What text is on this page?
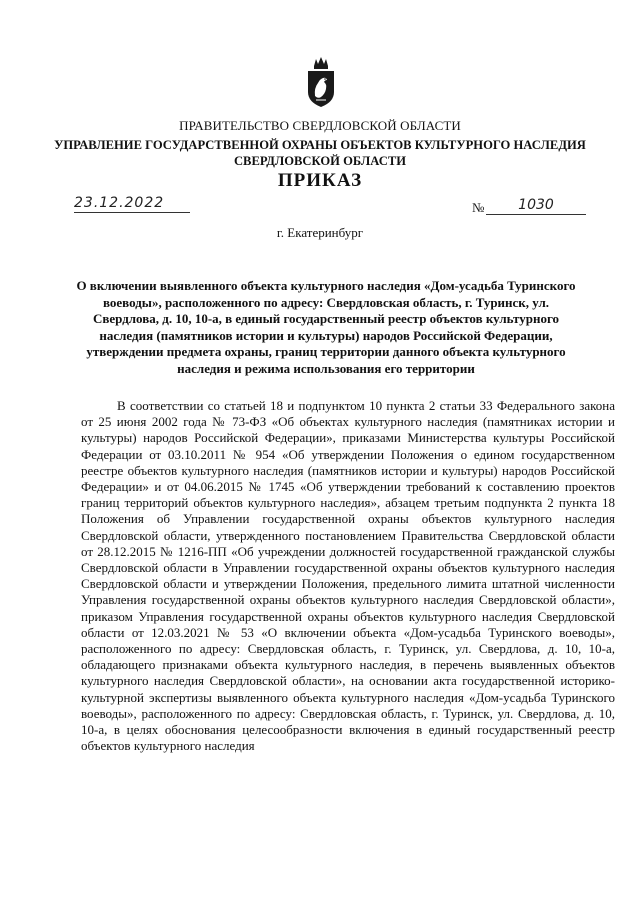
ПРАВИТЕЛЬСТВО СВЕРДЛОВСКОЙ ОБЛАСТИ
УПРАВЛЕНИЕ ГОСУДАРСТВЕННОЙ ОХРАНЫ ОБЪЕКТОВ КУЛЬТУРНОГО НАСЛЕДИЯ
СВЕРДЛОВСКОЙ ОБЛАСТИ
ПРИКАЗ
23.12.2022	№	1030
г. Екатеринбург
О включении выявленного объекта культурного наследия «Дом-усадьба Туринского воеводы», расположенного по адресу: Свердловская область, г. Туринск, ул. Свердлова, д. 10, 10-а, в единый государственный реестр объектов культурного наследия (памятников истории и культуры) народов Российской Федерации, утверждении предмета охраны, границ территории данного объекта культурного наследия и режима использования его территории

В соответствии со статьей 18 и подпунктом 10 пункта 2 статьи 33 Федерального закона от 25 июня 2002 года № 73-ФЗ «Об объектах культурного наследия (памятниках истории и культуры) народов Российской Федерации», приказами Министерства культуры Российской Федерации от 03.10.2011 № 954 «Об утверждении Положения о едином государственном реестре объектов культурного наследия (памятников истории и культуры) народов Российской Федерации» и от 04.06.2015 № 1745 «Об утверждении требований к составлению проектов границ территорий объектов культурного наследия», абзацем третьим подпункта 2 пункта 18 Положения об Управлении государственной охраны объектов культурного наследия Свердловской области, утвержденного постановлением Правительства Свердловской области от 28.12.2015 № 1216-ПП «Об учреждении должностей государственной гражданской службы Свердловской области в Управлении государственной охраны объектов культурного наследия Свердловской области и утверждении Положения, предельного лимита штатной численности Управления государственной охраны объектов культурного наследия Свердловской области», приказом Управления государственной охраны объектов культурного наследия Свердловской области от 12.03.2021 № 53 «О включении объекта «Дом-усадьба Туринского воеводы», расположенного по адресу: Свердловская область, г. Туринск, ул. Свердлова, д. 10, 10-а, обладающего признаками объекта культурного наследия, в перечень выявленных объектов культурного наследия Свердловской области», на основании акта государственной историко-культурной экспертизы выявленного объекта культурного наследия «Дом-усадьба Туринского воеводы», расположенного по адресу: Свердловская область, г. Туринск, ул. Свердлова, д. 10, 10-а, в целях обоснования целесообразности включения в единый государственный реестр объектов культурного наследия
